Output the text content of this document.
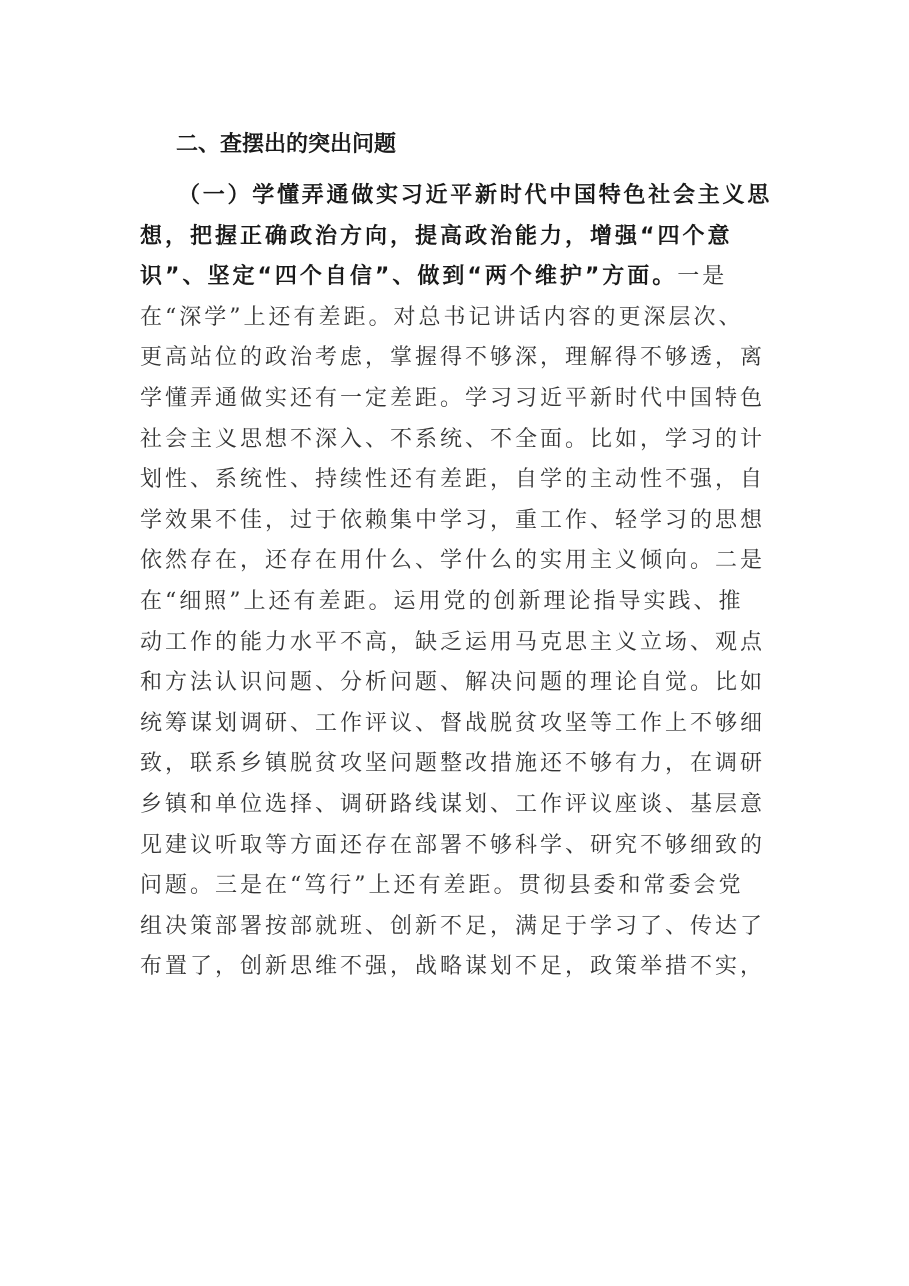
二、查摆出的突出问题
（一）学懂弄通做实习近平新时代中国特色社会主义思
想，把握正确政治方向，提高政治能力，增强“四个意
识”、坚定“四个自信”、做到“两个维护”方面。一是
在“深学”上还有差距。对总书记讲话内容的更深层次、
更高站位的政治考虑，掌握得不够深，理解得不够透，离
学懂弄通做实还有一定差距。学习习近平新时代中国特色
社会主义思想不深入、不系统、不全面。比如，学习的计
划性、系统性、持续性还有差距，自学的主动性不强，自
学效果不佳，过于依赖集中学习，重工作、轻学习的思想
依然存在，还存在用什么、学什么的实用主义倾向。二是
在“细照”上还有差距。运用党的创新理论指导实践、推
动工作的能力水平不高，缺乏运用马克思主义立场、观点
和方法认识问题、分析问题、解决问题的理论自觉。比如
统筹谋划调研、工作评议、督战脱贫攻坚等工作上不够细
致，联系乡镇脱贫攻坚问题整改措施还不够有力，在调研
乡镇和单位选择、调研路线谋划、工作评议座谈、基层意
见建议听取等方面还存在部署不够科学、研究不够细致的
问题。三是在“笃行”上还有差距。贯彻县委和常委会党
组决策部署按部就班、创新不足，满足于学习了、传达了
布置了，创新思维不强，战略谋划不足，政策举措不实，
